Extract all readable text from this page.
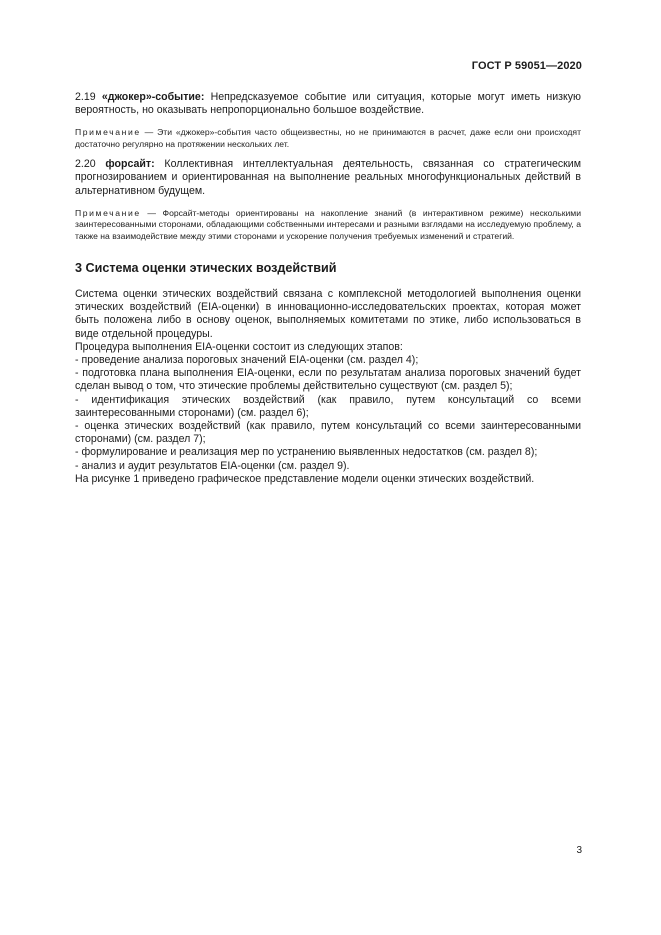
ГОСТ Р 59051—2020

2.19 «джокер»-событие: Непредсказуемое событие или ситуация, которые могут иметь низкую вероятность, но оказывать непропорционально большое воздействие.

Примечание — Эти «джокер»-события часто общеизвестны, но не принимаются в расчет, даже если они происходят достаточно регулярно на протяжении нескольких лет.

2.20 форсайт: Коллективная интеллектуальная деятельность, связанная со стратегическим прогнозированием и ориентированная на выполнение реальных многофункциональных действий в альтернативном будущем.

Примечание — Форсайт-методы ориентированы на накопление знаний (в интерактивном режиме) несколькими заинтересованными сторонами, обладающими собственными интересами и разными взглядами на исследуемую проблему, а также на взаимодействие между этими сторонами и ускорение получения требуемых изменений и стратегий.

3 Система оценки этических воздействий

Система оценки этических воздействий связана с комплексной методологией выполнения оценки этических воздействий (EIA-оценки) в инновационно-исследовательских проектах, которая может быть положена либо в основу оценок, выполняемых комитетами по этике, либо использоваться в виде отдельной процедуры.

Процедура выполнения EIA-оценки состоит из следующих этапов:

- проведение анализа пороговых значений EIA-оценки (см. раздел 4);

- подготовка плана выполнения EIA-оценки, если по результатам анализа пороговых значений будет сделан вывод о том, что этические проблемы действительно существуют (см. раздел 5);

- идентификация этических воздействий (как правило, путем консультаций со всеми заинтересованными сторонами) (см. раздел 6);

- оценка этических воздействий (как правило, путем консультаций со всеми заинтересованными сторонами) (см. раздел 7);

- формулирование и реализация мер по устранению выявленных недостатков (см. раздел 8);

- анализ и аудит результатов EIA-оценки (см. раздел 9).

На рисунке 1 приведено графическое представление модели оценки этических воздействий.

3
